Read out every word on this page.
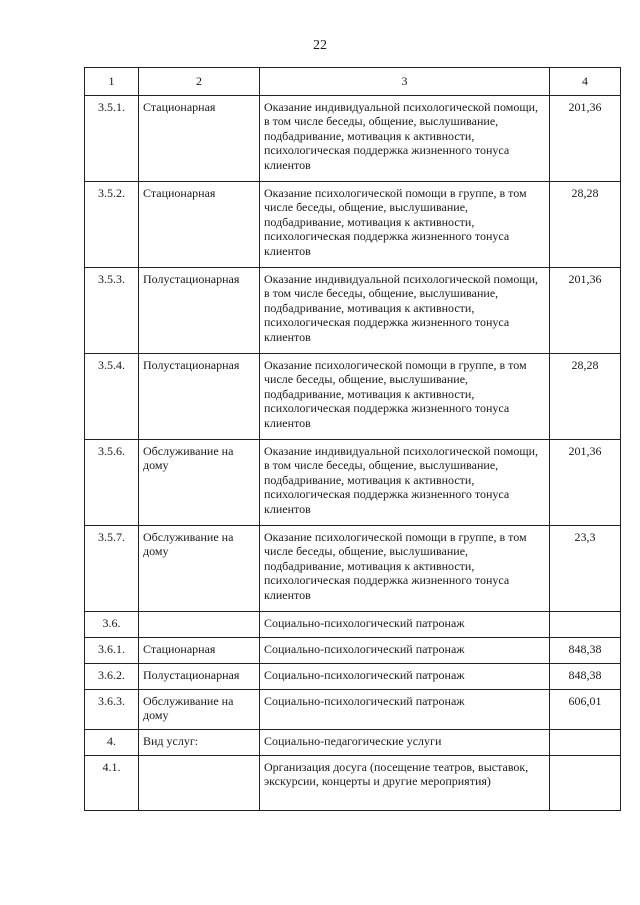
22
1	2	3	4
3.5.1.	Стационарная	Оказание индивидуальной психологической помощи, в том числе беседы, общение, выслушивание, подбадривание, мотивация к активности, психологическая поддержка жизненного тонуса клиентов	201,36
3.5.2.	Стационарная	Оказание психологической помощи в группе, в том числе беседы, общение, выслушивание, подбадривание, мотивация к активности, психологическая поддержка жизненного тонуса клиентов	28,28
3.5.3.	Полустационарная	Оказание индивидуальной психологической помощи, в том числе беседы, общение, выслушивание, подбадривание, мотивация к активности, психологическая поддержка жизненного тонуса клиентов	201,36
3.5.4.	Полустационарная	Оказание психологической помощи в группе, в том числе беседы, общение, выслушивание, подбадривание, мотивация к активности, психологическая поддержка жизненного тонуса клиентов	28,28
3.5.6.	Обслуживание на дому	Оказание индивидуальной психологической помощи, в том числе беседы, общение, выслушивание, подбадривание, мотивация к активности, психологическая поддержка жизненного тонуса клиентов	201,36
3.5.7.	Обслуживание на дому	Оказание психологической помощи в группе, в том числе беседы, общение, выслушивание, подбадривание, мотивация к активности, психологическая поддержка жизненного тонуса клиентов	23,3
3.6.		Социально-психологический патронаж	
3.6.1.	Стационарная	Социально-психологический патронаж	848,38
3.6.2.	Полустационарная	Социально-психологический патронаж	848,38
3.6.3.	Обслуживание на дому	Социально-психологический патронаж	606,01
4.	Вид услуг:	Социально-педагогические услуги	
4.1.		Организация досуга (посещение театров, выставок, экскурсии, концерты и другие мероприятия)	
